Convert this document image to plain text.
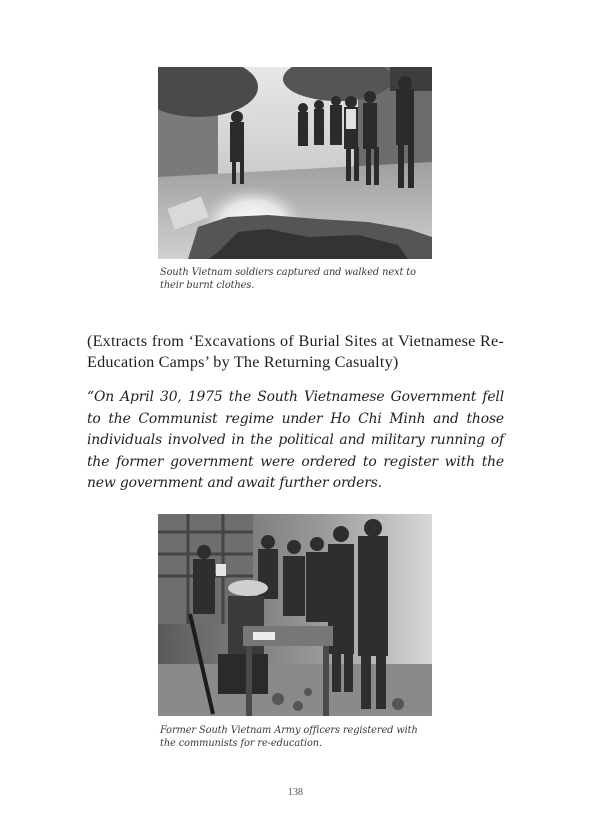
South Vietnam soldiers captured and walked next to their burnt clothes.
(Extracts from ‘Excavations of Burial Sites at Vietnamese Re-Education Camps’ by The Returning Casualty)
“On April 30, 1975 the South Vietnamese Government fell to the Communist regime under Ho Chi Minh and those individuals involved in the political and military running of the former government were ordered to register with the new government and await further orders.
Former South Vietnam Army officers registered with the communists for re-education.
138
